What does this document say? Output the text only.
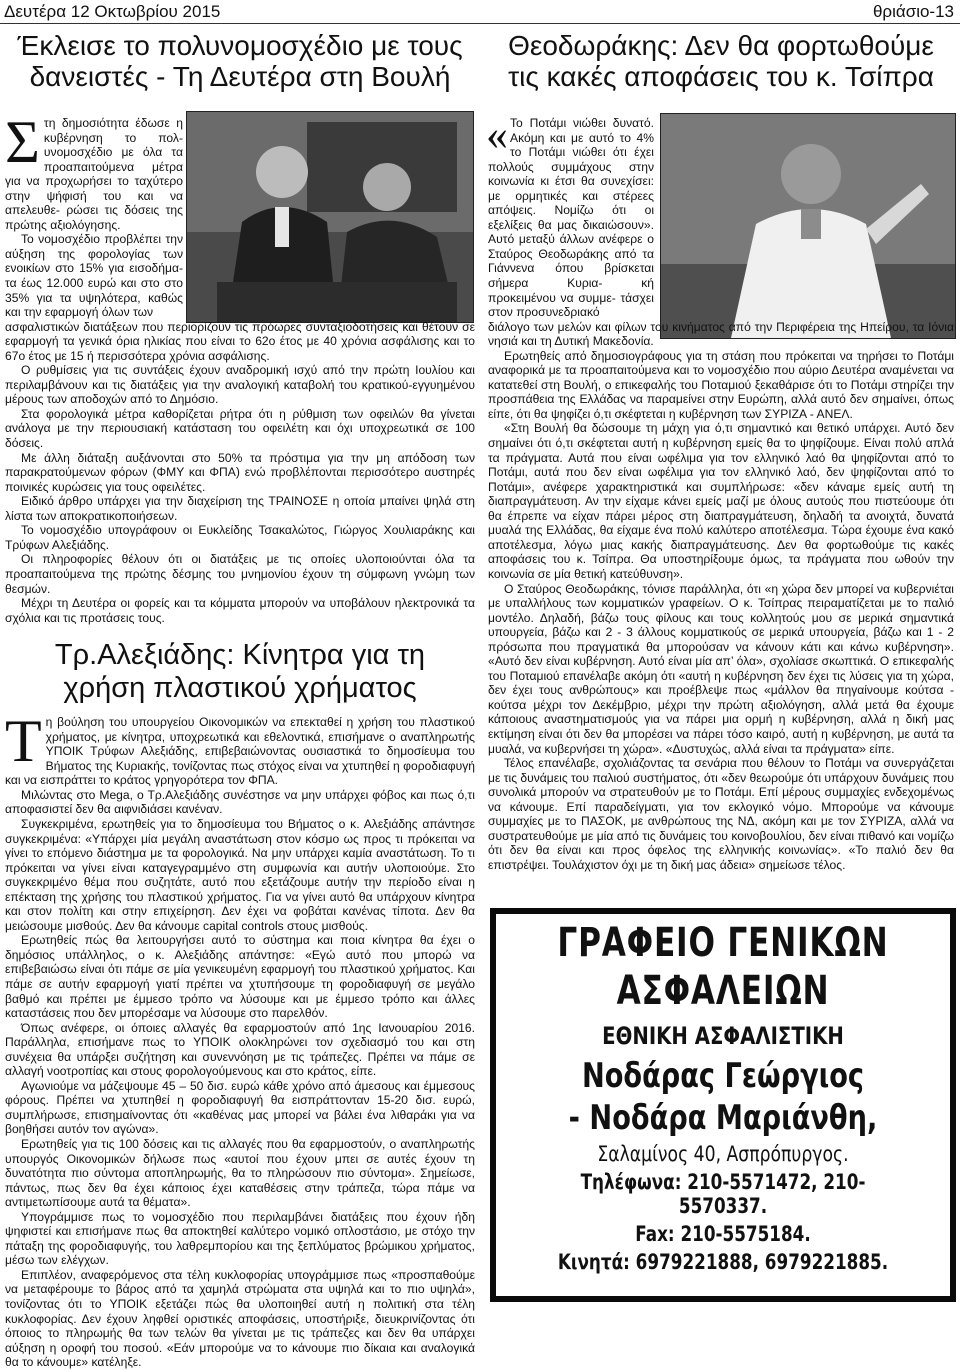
Δευτέρα 12 Οκτωβρίου 2015	θριάσιο-13
Έκλεισε το πολυνομοσχέδιο με τους
δανειστές - Τη Δευτέρα στη Βουλή

Σ τη δημοσιότητα έδωσε η κυβέρνηση το πολ- υνομοσχέδιο με όλα τα προαπαιτούμενα μέτρα για να προχωρήσει το ταχύτερο στην ψήφισή του και να απελευθε- ρώσει τις δόσεις της πρώτης αξιολόγησης.

Το νομοσχέδιο προβλέπει την αύξηση της φορολογίας των ενοικίων στο 15% για εισοδήμα- τα έως 12.000 ευρώ και στο στο 35% για τα υψηλότερα, καθώς και την εφαρμογή όλων των

ασφαλιστικών διατάξεων που περιορίζουν τις πρόωρες συνταξιοδοτήσεις και θέτουν σε εφαρμογή τα γενικά όρια ηλικίας που είναι το 62ο έτος με 40 χρόνια ασφάλισης και το 67ο έτος με 15 ή περισσότερα χρόνια ασφάλισης.

Ο ρυθμίσεις για τις συντάξεις έχουν αναδρομική ισχύ από την πρώτη Ιουλίου και περιλαμβάνουν και τις διατάξεις για την αναλογική καταβολή του κρατικού-εγγυημένου μέρους των αποδοχών από το Δημόσιο.

Στα φορολογικά μέτρα καθορίζεται ρήτρα ότι η ρύθμιση των οφειλών θα γίνεται ανάλογα με την περιουσιακή κατάσταση του οφειλέτη και όχι υποχρεωτικά σε 100 δόσεις.

Με άλλη διάταξη αυξάνονται στο 50% τα πρόστιμα για την μη απόδοση των παρακρατούμενων φόρων (ΦΜΥ και ΦΠΑ) ενώ προβλέπονται περισσότερο αυστηρές ποινικές κυρώσεις για τους οφειλέτες.

Ειδικό άρθρο υπάρχει για την διαχείριση της ΤΡΑΙΝΟΣΕ η οποία μπαίνει ψηλά στη λίστα των αποκρατικοποιήσεων.

Το νομοσχέδιο υπογράφουν οι Ευκλείδης Τσακαλώτος, Γιώργος Χουλιαράκης και Τρύφων Αλεξιάδης.

Οι πληροφορίες θέλουν ότι οι διατάξεις με τις οποίες υλοποιούνται όλα τα προαπαιτούμενα της πρώτης δέσμης του μνημονίου έχουν τη σύμφωνη γνώμη των θεσμών.

Μέχρι τη Δευτέρα οι φορείς και τα κόμματα μπορούν να υποβάλουν ηλεκτρονικά τα σχόλια και τις προτάσεις τους.

Τρ.Αλεξιάδης: Κίνητρα για τη
χρήση πλαστικού χρήματος

Τ η βούληση του υπουργείου Οικονομικών να επεκταθεί η χρήση του πλαστικού χρήματος, με κίνητρα, υποχρεωτικά και εθελοντικά, επισήμανε ο αναπληρωτής ΥΠΟΙΚ Τρύφων Αλεξιάδης, επιβεβαιώνοντας ουσιαστικά το δημοσίευμα του Βήματος της Κυριακής, τονίζοντας πως στόχος είναι να χτυπηθεί η φοροδιαφυγή και να εισπράττει το κράτος γρηγορότερα τον ΦΠΑ.

Μιλώντας στο Mega, ο Τρ.Αλεξιάδης συνέστησε να μην υπάρχει φόβος και πως ό,τι αποφασιστεί δεν θα αιφνιδιάσει κανέναν.

Συγκεκριμένα, ερωτηθείς για το δημοσίευμα του Βήματος ο κ. Αλεξιάδης απάντησε συγκεκριμένα: «Υπάρχει μία μεγάλη αναστάτωση στον κόσμο ως προς τι πρόκειται να γίνει το επόμενο διάστημα με τα φορολογικά. Να μην υπάρχει καμία αναστάτωση. Το τι πρόκειται να γίνει είναι καταγεγραμμένο στη συμφωνία και αυτήν υλοποιούμε. Στο συγκεκριμένο θέμα που συζητάτε, αυτό που εξετάζουμε αυτήν την περίοδο είναι η επέκταση της χρήσης του πλαστικού χρήματος. Για να γίνει αυτό θα υπάρχουν κίνητρα και στον πολίτη και στην επιχείρηση. Δεν έχει να φοβάται κανένας τίποτα. Δεν θα μειώσουμε μισθούς. Δεν θα κάνουμε capital controls στους μισθούς.

Ερωτηθείς πώς θα λειτουργήσει αυτό το σύστημα και ποια κίνητρα θα έχει ο δημόσιος υπάλληλος, ο κ. Αλεξιάδης απάντησε: «Εγώ αυτό που μπορώ να επιβεβαιώσω είναι ότι πάμε σε μία γενικευμένη εφαρμογή του πλαστικού χρήματος. Και πάμε σε αυτήν εφαρμογή γιατί πρέπει να χτυπήσουμε τη φοροδιαφυγή σε μεγάλο βαθμό και πρέπει με έμμεσο τρόπο να λύσουμε και με έμμεσο τρόπο και άλλες καταστάσεις που δεν μπορέσαμε να λύσουμε στο παρελθόν.

Όπως ανέφερε, οι όποιες αλλαγές θα εφαρμοστούν από 1ης Ιανουαρίου 2016. Παράλληλα, επισήμανε πως το ΥΠΟΙΚ ολοκληρώνει τον σχεδιασμό του και στη συνέχεια θα υπάρξει συζήτηση και συνεννόηση με τις τράπεζες. Πρέπει να πάμε σε αλλαγή νοοτροπίας και στους φορολογούμενους και στο κράτος, είπε.

Αγωνιούμε να μάζεψουμε 45 – 50 δισ. ευρώ κάθε χρόνο από άμεσους και έμμεσους φόρους. Πρέπει να χτυπηθεί η φοροδιαφυγή θα εισπράττονταν 15-20 δισ. ευρώ, συμπλήρωσε, επισημαίνοντας ότι «καθένας μας μπορεί να βάλει ένα λιθαράκι για να βοηθήσει αυτόν τον αγώνα».

Ερωτηθείς για τις 100 δόσεις και τις αλλαγές που θα εφαρμοστούν, ο αναπληρωτής υπουργός Οικονομικών δήλωσε πως «αυτοί που έχουν μπει σε αυτές έχουν τη δυνατότητα πιο σύντομα αποπληρωμής, θα το πληρώσουν πιο σύντομα». Σημείωσε, πάντως, πως δεν θα έχει κάποιος έχει καταθέσεις στην τράπεζα, τώρα πάμε να αντιμετωπίσουμε αυτά τα θέματα».

Υπογράμμισε πως το νομοσχέδιο που περιλαμβάνει διατάξεις που έχουν ήδη ψηφιστεί και επισήμανε πως θα αποκτηθεί καλύτερο νομικό οπλοστάσιο, με στόχο την πάταξη της φοροδιαφυγής, του λαθρεμπορίου και της ξεπλύματος βρώμικου χρήματος, μέσω των ελέγχων.

Επιπλέον, αναφερόμενος στα τέλη κυκλοφορίας υπογράμμισε πως «προσπαθούμε να μεταφέρουμε το βάρος από τα χαμηλά στρώματα στα υψηλά και το πιο υψηλά», τονίζοντας ότι το ΥΠΟΙΚ εξετάζει πώς θα υλοποιηθεί αυτή η πολιτική στα τέλη κυκλοφορίας. Δεν έχουν ληφθεί οριστικές αποφάσεις, υποστήριξε, διευκρινίζοντας ότι όποιος το πληρωμής θα των τελών θα γίνεται με τις τράπεζες και δεν θα υπάρχει αύξηση η οροφή του ποσού. «Εάν μπορούμε να το κάνουμε πιο δίκαια και αναλογικά θα το κάνουμε» κατέληξε.

Θεοδωράκης: Δεν θα φορτωθούμε
τις κακές αποφάσεις του κ. Τσίπρα

« Το Ποτάμι νιώθει δυνατό. Ακόμη και με αυτό το 4% το Ποτάμι νιώθει ότι έχει πολλούς συμμάχους στην κοινωνία κι έτσι θα συνεχίσει: με ορμητικές και στέρεες απόψεις. Νομίζω ότι οι εξελίξεις θα μας δικαιώσουν». Αυτό μεταξύ άλλων ανέφερε ο Σταύρος Θεοδωράκης από τα Γιάννενα όπου βρίσκεται σήμερα Κυρια-	κή προκειμένου να συμμε- τάσχει στον προσυνεδριακό

διάλογο των μελών και φίλων του κινήματος από την Περιφέρεια της Ηπείρου, τα Ιόνια νησιά και τη Δυτική Μακεδονία.

Ερωτηθείς από δημοσιογράφους για τη στάση που πρόκειται να τηρήσει το Ποτάμι αναφορικά με τα προαπαιτούμενα και το νομοσχέδιο που αύριο Δευτέρα αναμένεται να κατατεθεί στη Βουλή, ο επικεφαλής του Ποταμιού ξεκαθάρισε ότι το Ποτάμι στηρίζει την προσπάθεια της Ελλάδας να παραμείνει στην Ευρώπη, αλλά αυτό δεν σημαίνει, όπως είπε, ότι θα ψηφίζει ό,τι σκέφτεται η κυβέρνηση των ΣΥΡΙΖΑ - ΑΝΕΛ.

«Στη Βουλή θα δώσουμε τη μάχη για ό,τι σημαντικό και θετικό υπάρχει. Αυτό δεν σημαίνει ότι ό,τι σκέφτεται αυτή η κυβέρνηση εμείς θα το ψηφίζουμε. Είναι πολύ απλά τα πράγματα. Αυτά που είναι ωφέλιμα για τον ελληνικό λαό θα ψηφίζονται από το Ποτάμι, αυτά που δεν είναι ωφέλιμα για τον ελληνικό λαό, δεν ψηφίζονται από το Ποτάμι», ανέφερε χαρακτηριστικά και συμπλήρωσε: «δεν κάναμε εμείς αυτή τη διαπραγμάτευση. Αν την είχαμε κάνει εμείς μαζί με όλους αυτούς που πιστεύουμε ότι θα έπρεπε να είχαν πάρει μέρος στη διαπραγμάτευση, δηλαδή τα ανοιχτά, δυνατά μυαλά της Ελλάδας, θα είχαμε ένα πολύ καλύτερο αποτέλεσμα. Τώρα έχουμε ένα κακό αποτέλεσμα, λόγω μιας κακής διαπραγμάτευσης. Δεν θα φορτωθούμε τις κακές αποφάσεις του κ. Τσίπρα. Θα υποστηρίξουμε όμως, τα πράγματα που ωθούν την κοινωνία σε μία θετική κατεύθυνση».

Ο Σταύρος Θεοδωράκης, τόνισε παράλληλα, ότι «η χώρα δεν μπορεί να κυβερνιέται με υπαλλήλους των κομματικών γραφείων. Ο κ. Τσίπρας πειραματίζεται με το παλιό μοντέλο. Δηλαδή, βάζω τους φίλους και τους κολλητούς μου σε μερικά σημαντικά υπουργεία, βάζω και 2 - 3 άλλους κομματικούς σε μερικά υπουργεία, βάζω και 1 - 2 πρόσωπα που πραγματικά θα μπορούσαν να κάνουν κάτι και κάνω κυβέρνηση». «Αυτό δεν είναι κυβέρνηση. Αυτό είναι μία απ’ όλα», σχολίασε σκωπτικά. Ο επικεφαλής του Ποταμιού επανέλαβε ακόμη ότι «αυτή η κυβέρνηση δεν έχει τις λύσεις για τη χώρα, δεν έχει τους ανθρώπους» και προέβλεψε πως «μάλλον θα πηγαίνουμε κούτσα - κούτσα μέχρι τον Δεκέμβριο, μέχρι την πρώτη αξιολόγηση, αλλά μετά θα έχουμε κάποιους αναστηματισμούς για να πάρει μια ορμή η κυβέρνηση, αλλά η δική μας εκτίμηση είναι ότι δεν θα μπορέσει να πάρει τόσο καιρό, αυτή η κυβέρνηση, με αυτά τα μυαλά, να κυβερνήσει τη χώρα». «Δυστυχώς, αλλά είναι τα πράγματα» είπε.

Τέλος επανέλαβε, σχολιάζοντας τα σενάρια που θέλουν το Ποτάμι να συνεργάζεται με τις δυνάμεις του παλιού συστήματος, ότι «δεν θεωρούμε ότι υπάρχουν δυνάμεις που συνολικά μπορούν να στρατευθούν με το Ποτάμι. Επί μέρους συμμαχίες ενδεχομένως να κάνουμε. Επί παραδείγματι, για τον εκλογικό νόμο. Μπορούμε να κάνουμε συμμαχίες με το ΠΑΣΟΚ, με ανθρώπους της ΝΔ, ακόμη και με τον ΣΥΡΙΖΑ, αλλά να συστρατευθούμε με μία από τις δυνάμεις του κοινοβουλίου, δεν είναι πιθανό και νομίζω ότι δεν θα είναι και προς όφελος της ελληνικής κοινωνίας». «Το παλιό δεν θα επιστρέψει. Τουλάχιστον όχι με τη δική μας άδεια» σημείωσε τέλος.

ΓΡΑΦΕΙΟ ΓΕΝΙΚΩΝ
ΑΣΦΑΛΕΙΩΝ
ΕΘΝΙΚΗ ΑΣΦΑΛΙΣΤΙΚΗ
Νοδάρας Γεώργιος
- Νοδάρα Μαριάνθη,
Σαλαμίνος 40, Ασπρόπυργος.
Τηλέφωνα: 210-5571472, 210-5570337.
Fax: 210-5575184.
Κινητά: 6979221888, 6979221885.
